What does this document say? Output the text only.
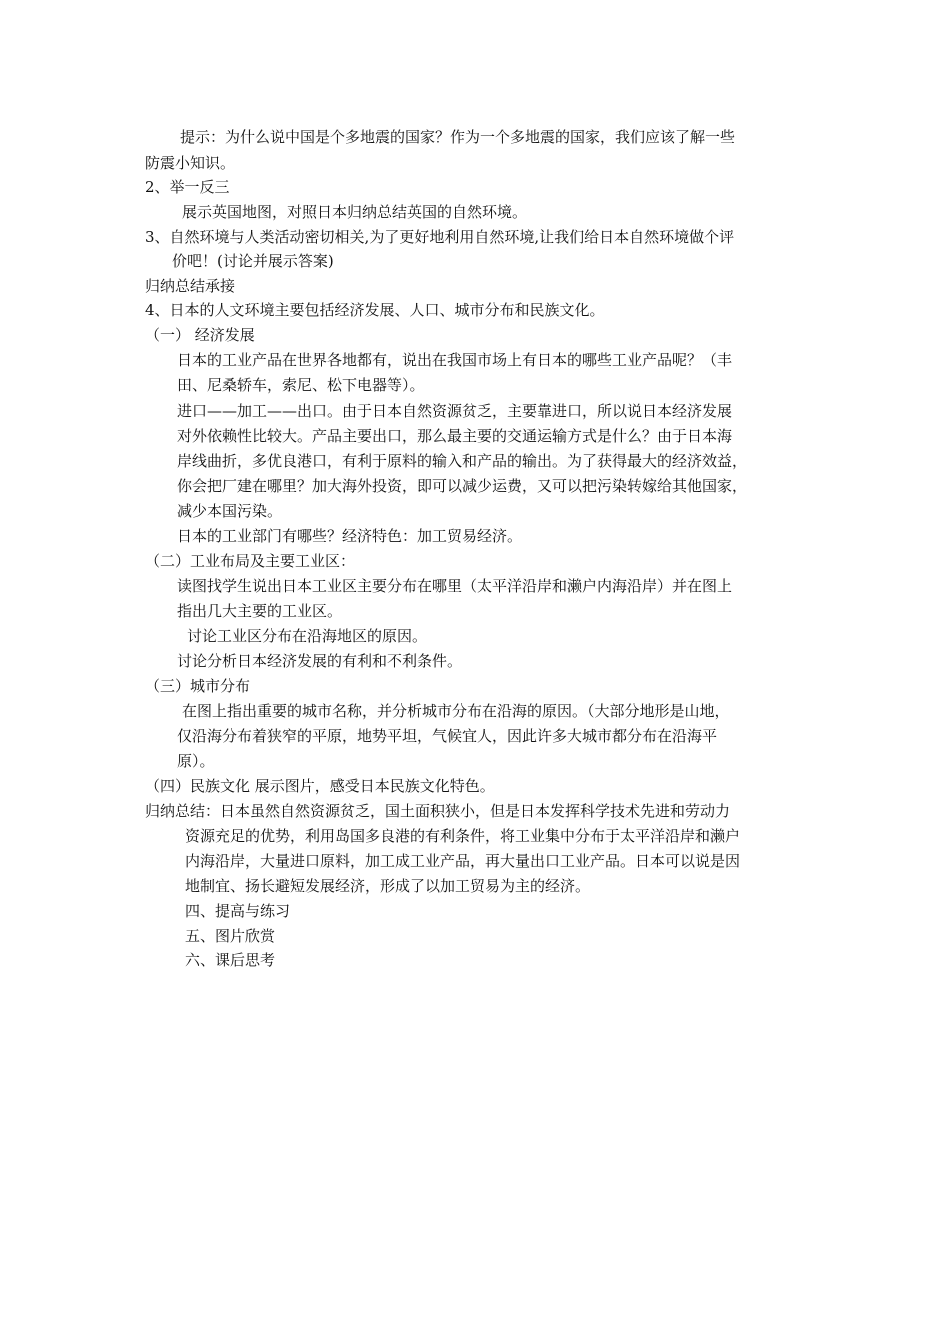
提示：为什么说中国是个多地震的国家？作为一个多地震的国家，我们应该了解一些

防震小知识。

2、举一反三

展示英国地图，对照日本归纳总结英国的自然环境。

3、自然环境与人类活动密切相关,为了更好地利用自然环境,让我们给日本自然环境做个评

价吧！(讨论并展示答案)

归纳总结承接

4、日本的人文环境主要包括经济发展、人口、城市分布和民族文化。

（一） 经济发展

日本的工业产品在世界各地都有，说出在我国市场上有日本的哪些工业产品呢？（丰

田、尼桑轿车，索尼、松下电器等）。

进口——加工——出口。由于日本自然资源贫乏，主要靠进口，所以说日本经济发展

对外依赖性比较大。产品主要出口，那么最主要的交通运输方式是什么？由于日本海

岸线曲折，多优良港口，有利于原料的输入和产品的输出。为了获得最大的经济效益，

你会把厂建在哪里？加大海外投资，即可以减少运费，又可以把污染转嫁给其他国家，

减少本国污染。

日本的工业部门有哪些？经济特色：加工贸易经济。

（二）工业布局及主要工业区：

读图找学生说出日本工业区主要分布在哪里（太平洋沿岸和濑户内海沿岸）并在图上

指出几大主要的工业区。

讨论工业区分布在沿海地区的原因。

讨论分析日本经济发展的有利和不利条件。

（三）城市分布

在图上指出重要的城市名称，并分析城市分布在沿海的原因。（大部分地形是山地，

仅沿海分布着狭窄的平原，地势平坦，气候宜人，因此许多大城市都分布在沿海平

原）。

（四）民族文化 展示图片，感受日本民族文化特色。

归纳总结：日本虽然自然资源贫乏，国土面积狭小，但是日本发挥科学技术先进和劳动力

资源充足的优势，利用岛国多良港的有利条件，将工业集中分布于太平洋沿岸和濑户

内海沿岸，大量进口原料，加工成工业产品，再大量出口工业产品。日本可以说是因

地制宜、扬长避短发展经济，形成了以加工贸易为主的经济。

四、提高与练习

五、图片欣赏

六、课后思考
